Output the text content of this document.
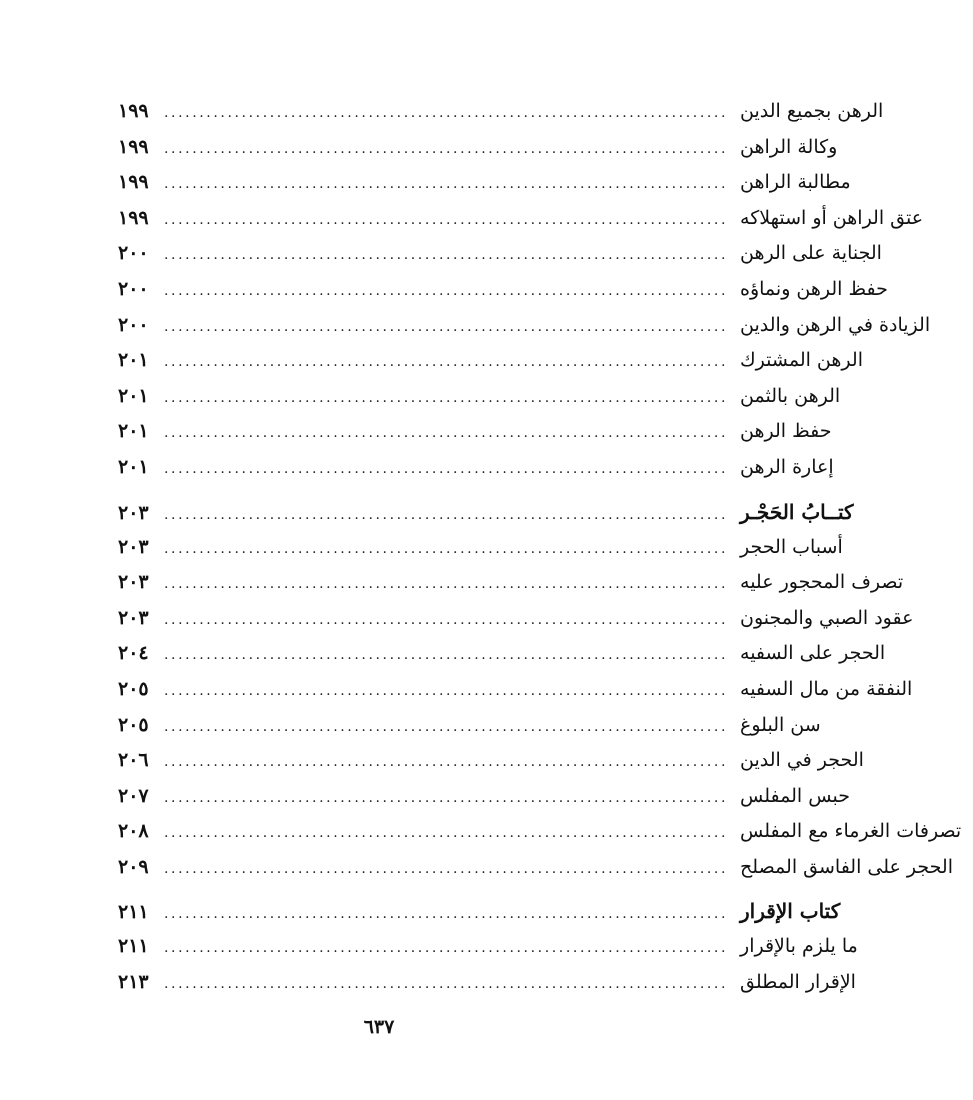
الرهن بجميع الدين
................................................................................
١٩٩
وكالة الراهن
................................................................................
١٩٩
مطالبة الراهن
................................................................................
١٩٩
عتق الراهن أو استهلاكه
................................................................................
١٩٩
الجناية على الرهن
................................................................................
٢٠٠
حفظ الرهن ونماؤه
................................................................................
٢٠٠
الزيادة في الرهن والدين
................................................................................
٢٠٠
الرهن المشترك
................................................................................
٢٠١
الرهن بالثمن
................................................................................
٢٠١
حفظ الرهن
................................................................................
٢٠١
إعارة الرهن
................................................................................
٢٠١
كتــابُ الحَجْـر
................................................................................
٢٠٣
أسباب الحجر
................................................................................
٢٠٣
تصرف المحجور عليه
................................................................................
٢٠٣
عقود الصبي والمجنون
................................................................................
٢٠٣
الحجر على السفيه
................................................................................
٢٠٤
النفقة من مال السفيه
................................................................................
٢٠٥
سن البلوغ
................................................................................
٢٠٥
الحجر في الدين
................................................................................
٢٠٦
حبس المفلس
................................................................................
٢٠٧
تصرفات الغرماء مع المفلس
................................................................................
٢٠٨
الحجر على الفاسق المصلح
................................................................................
٢٠٩
كتاب الإقرار
................................................................................
٢١١
ما يلزم بالإقرار
................................................................................
٢١١
الإقرار المطلق
................................................................................
٢١٣
٦٣٧
